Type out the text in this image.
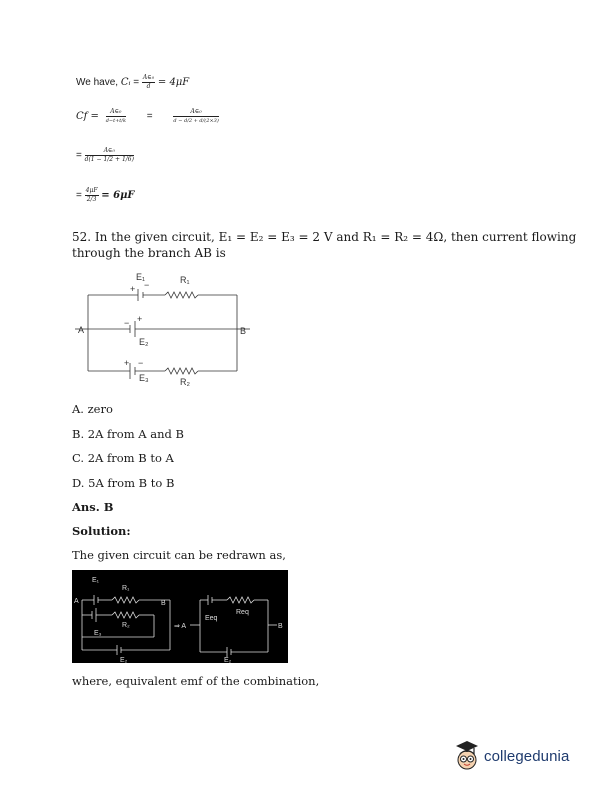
We have, Cᵢ = $\frac{\text{A∈₀}}{d} = 4\mu F$
$Cf = \frac{\text{A∈₀}}{d-t+t/k}$ =	$\frac{\text{A∈₀}}{d - d/2 + d/(2\times 3)}$
= $\frac{\text{A∈₀}}{d(1 - 1/2 + 1/6)}$
= $\frac{4\mu F}{2/3} = 6\mu F$
52. In the given circuit, E₁ = E₂ = E₃ = 2 V and R₁ = R₂ = 4Ω, then current flowing
through the branch AB is
E₁	R₁
+ −
A	B
− +
E₂
+ −
E₃	R₂
A. zero
B. 2A from A and B
C. 2A from B to A
D. 5A from B to B
Ans. B
Solution:
The given circuit can be redrawn as,
E₁
R₁
A	B
R₂
E₃
E₂
⇒ A
Req
Eeq
B
E₂
where, equivalent emf of the combination,
collegedunia
